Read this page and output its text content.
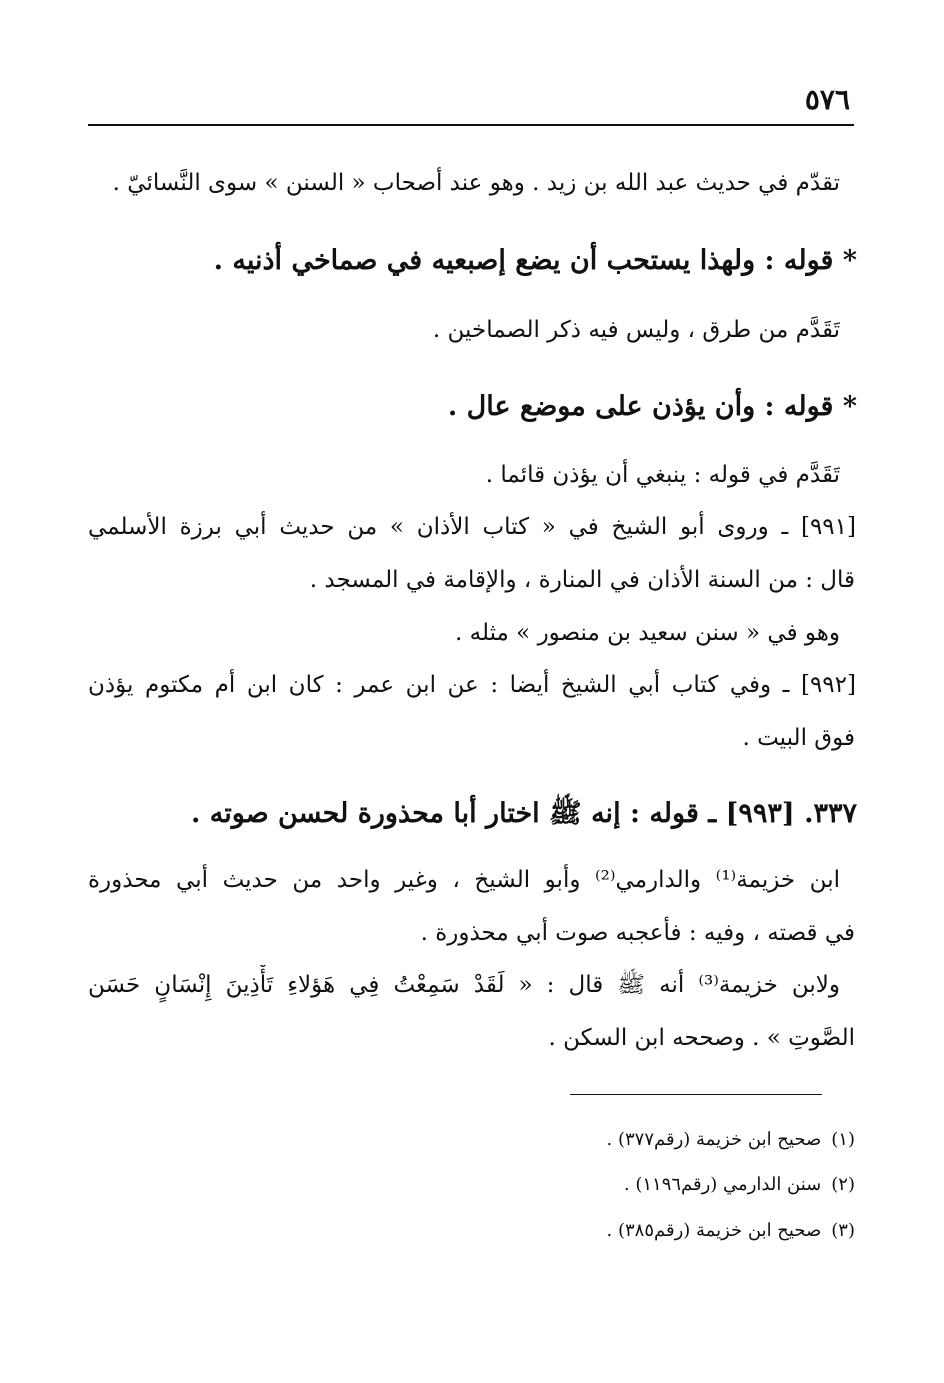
٥٧٦
تقدّم في حديث عبد الله بن زيد . وهو عند أصحاب « السنن » سوى النَّسائيّ .
* قوله : ولهذا يستحب أن يضع إصبعيه في صماخي أذنيه .
تَقَدَّم من طرق ، وليس فيه ذكر الصماخين .
* قوله : وأن يؤذن على موضع عال .
تَقَدَّم في قوله : ينبغي أن يؤذن قائما .
[٩٩١] ـ وروى أبو الشيخ في « كتاب الأذان » من حديث أبي برزة الأسلمي
قال : من السنة الأذان في المنارة ، والإقامة في المسجد .
وهو في « سنن سعيد بن منصور » مثله .
[٩٩٢] ـ وفي كتاب أبي الشيخ أيضا : عن ابن عمر : كان ابن أم مكتوم يؤذن
فوق البيت .
٣٣٧. [٩٩٣] ـ قوله : إنه ﷺ اختار أبا محذورة لحسن صوته .
ابن خزيمة⁽¹⁾ والدارمي⁽²⁾ وأبو الشيخ ، وغير واحد من حديث أبي محذورة
في قصته ، وفيه : فأعجبه صوت أبي محذورة .
ولابن خزيمة⁽³⁾ أنه ﷺ قال : « لَقَدْ سَمِعْتُ فِي هَؤلاءِ تَأْذِينَ إِنْسَانٍ حَسَن
الصَّوتِ » . وصححه ابن السكن .
(١)صحيح ابن خزيمة (رقم٣٧٧) .
(٢)سنن الدارمي (رقم١١٩٦) .
(٣)صحيح ابن خزيمة (رقم٣٨٥) .
